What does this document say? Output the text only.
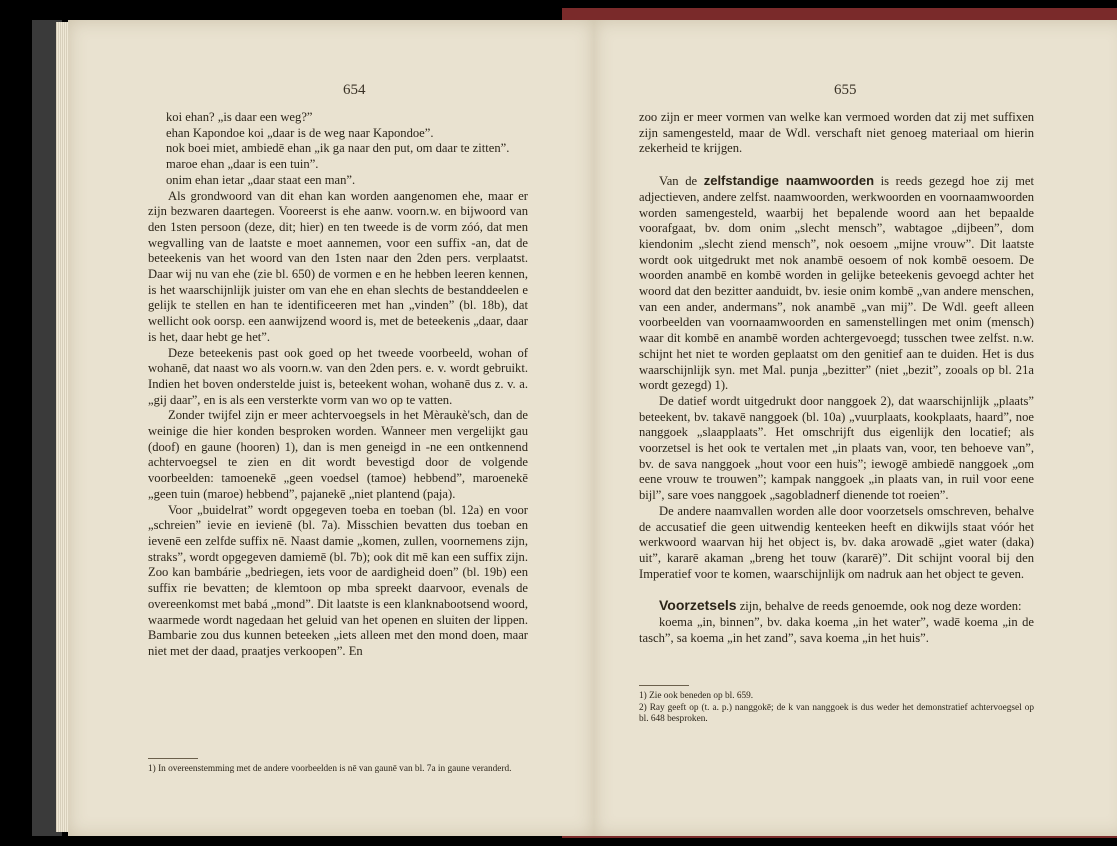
654

koi ehan? „is daar een weg?”

ehan Kapondoe koi „daar is de weg naar Kapondoe”.

nok boei miet, ambiedē ehan „ik ga naar den put, om daar te zitten”.

maroe ehan „daar is een tuin”.

onim ehan ietar „daar staat een man”.

Als grondwoord van dit ehan kan worden aangenomen ehe, maar er zijn bezwaren daartegen. Vooreerst is ehe aanw. voorn.w. en bijwoord van den 1sten persoon (deze, dit; hier) en ten tweede is de vorm zóó, dat men wegvalling van de laatste e moet aannemen, voor een suffix -an, dat de beteekenis van het woord van den 1sten naar den 2den pers. verplaatst. Daar wij nu van ehe (zie bl. 650) de vormen e en he hebben leeren kennen, is het waarschijnlijk juister om van ehe en ehan slechts de bestanddeelen e gelijk te stellen en han te identificeeren met han „vinden” (bl. 18b), dat wellicht ook oorsp. een aanwijzend woord is, met de beteekenis „daar, daar is het, daar hebt ge het”.

Deze beteekenis past ook goed op het tweede voorbeeld, wohan of wohanē, dat naast wo als voorn.w. van den 2den pers. e. v. wordt gebruikt. Indien het boven onderstelde juist is, beteekent wohan, wohanē dus z. v. a. „gij daar”, en is als een versterkte vorm van wo op te vatten.

Zonder twijfel zijn er meer achtervoegsels in het Mèraukè'sch, dan de weinige die hier konden besproken worden. Wanneer men vergelijkt gau (doof) en gaune (hooren) 1), dan is men geneigd in -ne een ontkennend achtervoegsel te zien en dit wordt bevestigd door de volgende voorbeelden: tamoenekē „geen voedsel (tamoe) hebbend”, maroenekē „geen tuin (maroe) hebbend”, pajanekē „niet plantend (paja).

Voor „buidelrat” wordt opgegeven toeba en toeban (bl. 12a) en voor „schreien” ievie en ievienē (bl. 7a). Misschien bevatten dus toeban en ievenē een zelfde suffix nē. Naast damie „komen, zullen, voornemens zijn, straks”, wordt opgegeven damiemē (bl. 7b); ook dit mē kan een suffix zijn. Zoo kan bambárie „bedriegen, iets voor de aardigheid doen” (bl. 19b) een suffix rie bevatten; de klemtoon op mba spreekt daarvoor, evenals de overeenkomst met babá „mond”. Dit laatste is een klanknabootsend woord, waarmede wordt nagedaan het geluid van het openen en sluiten der lippen. Bambarie zou dus kunnen beteeken „iets alleen met den mond doen, maar niet met der daad, praatjes verkoopen”. En

1) In overeenstemming met de andere voorbeelden is nē van gaunē van bl. 7a in gaune veranderd.
655

zoo zijn er meer vormen van welke kan vermoed worden dat zij met suffixen zijn samengesteld, maar de Wdl. verschaft niet genoeg materiaal om hierin zekerheid te krijgen.

Van de zelfstandige naamwoorden is reeds gezegd hoe zij met adjectieven, andere zelfst. naamwoorden, werkwoorden en voornaamwoorden worden samengesteld, waarbij het bepalende woord aan het bepaalde voorafgaat, bv. dom onim „slecht mensch”, wabtagoe „dijbeen”, dom kiendonim „slecht ziend mensch”, nok oesoem „mijne vrouw”. Dit laatste wordt ook uitgedrukt met nok anambē oesoem of nok kombē oesoem. De woorden anambē en kombē worden in gelijke beteekenis gevoegd achter het woord dat den bezitter aanduidt, bv. iesie onim kombē „van andere menschen, van een ander, andermans”, nok anambē „van mij”. De Wdl. geeft alleen voorbeelden van voornaamwoorden en samenstellingen met onim (mensch) waar dit kombē en anambē worden achtergevoegd; tusschen twee zelfst. n.w. schijnt het niet te worden geplaatst om den genitief aan te duiden. Het is dus waarschijnlijk syn. met Mal. punja „bezitter” (niet „bezit”, zooals op bl. 21a wordt gezegd) 1).

De datief wordt uitgedrukt door nanggoek 2), dat waarschijnlijk „plaats” beteekent, bv. takavē nanggoek (bl. 10a) „vuurplaats, kookplaats, haard”, noe nanggoek „slaapplaats”. Het omschrijft dus eigenlijk den locatief; als voorzetsel is het ook te vertalen met „in plaats van, voor, ten behoeve van”, bv. de sava nanggoek „hout voor een huis”; iewogē ambiedē nanggoek „om eene vrouw te trouwen”; kampak nanggoek „in plaats van, in ruil voor eene bijl”, sare voes nanggoek „sagobladnerf dienende tot roeien”.

De andere naamvallen worden alle door voorzetsels omschreven, behalve de accusatief die geen uitwendig kenteeken heeft en dikwijls staat vóór het werkwoord waarvan hij het object is, bv. daka arowadē „giet water (daka) uit”, kararē akaman „breng het touw (kararē)”. Dit schijnt vooral bij den Imperatief voor te komen, waarschijnlijk om nadruk aan het object te geven.

Voorzetsels zijn, behalve de reeds genoemde, ook nog deze worden:

koema „in, binnen”, bv. daka koema „in het water”, wadē koema „in de tasch”, sa koema „in het zand”, sava koema „in het huis”.

1) Zie ook beneden op bl. 659.
2) Ray geeft op (t. a. p.) nanggokē; de k van nanggoek is dus weder het demonstratief achtervoegsel op bl. 648 besproken.
